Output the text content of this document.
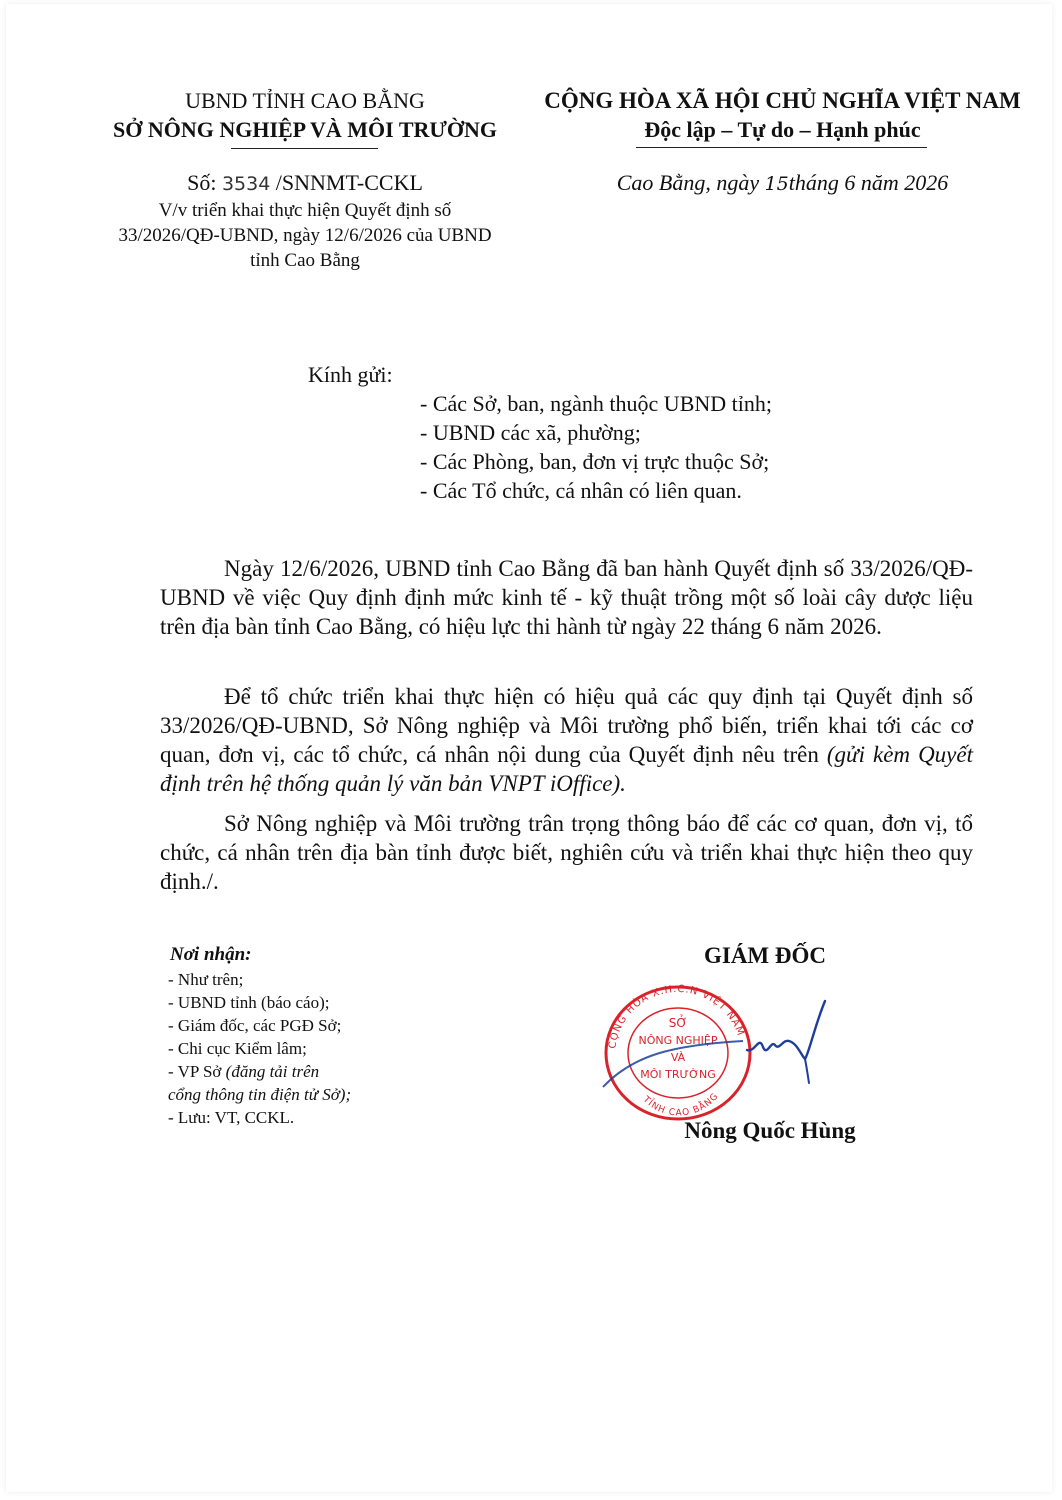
UBND TỈNH CAO BẰNG
SỞ NÔNG NGHIỆP VÀ MÔI TRƯỜNG
CỘNG HÒA XÃ HỘI CHỦ NGHĨA VIỆT NAM
Độc lập – Tự do – Hạnh phúc
Số: 3534 /SNNMT-CCKL	Cao Bằng, ngày 15tháng 6 năm 2026
V/v triển khai thực hiện Quyết định số
33/2026/QĐ-UBND, ngày 12/6/2026 của UBND
tỉnh Cao Bằng
Kính gửi:
- Các Sở, ban, ngành thuộc UBND tỉnh;
- UBND các xã, phường;
- Các Phòng, ban, đơn vị trực thuộc Sở;
- Các Tổ chức, cá nhân có liên quan.
Ngày 12/6/2026, UBND tỉnh Cao Bằng đã ban hành Quyết định số 33/2026/QĐ-UBND về việc Quy định định mức kinh tế - kỹ thuật trồng một số loài cây dược liệu trên địa bàn tỉnh Cao Bằng, có hiệu lực thi hành từ ngày 22 tháng 6 năm 2026.
Để tổ chức triển khai thực hiện có hiệu quả các quy định tại Quyết định số 33/2026/QĐ-UBND, Sở Nông nghiệp và Môi trường phổ biến, triển khai tới các cơ quan, đơn vị, các tổ chức, cá nhân nội dung của Quyết định nêu trên (gửi kèm Quyết định trên hệ thống quản lý văn bản VNPT iOffice).
Sở Nông nghiệp và Môi trường trân trọng thông báo để các cơ quan, đơn vị, tổ chức, cá nhân trên địa bàn tỉnh được biết, nghiên cứu và triển khai thực hiện theo quy định./.
Nơi nhận:
- Như trên;
- UBND tỉnh (báo cáo);
- Giám đốc, các PGĐ Sở;
- Chi cục Kiểm lâm;
- VP Sở (đăng tải trên
cổng thông tin điện tử Sở);
- Lưu: VT, CCKL.
GIÁM ĐỐC
CỘNG HÒA X.H.C.N VIỆT NAM
TỈNH CAO BẰNG
SỞ
NÔNG NGHIỆP
VÀ
MÔI TRƯỜNG
Nông Quốc Hùng
